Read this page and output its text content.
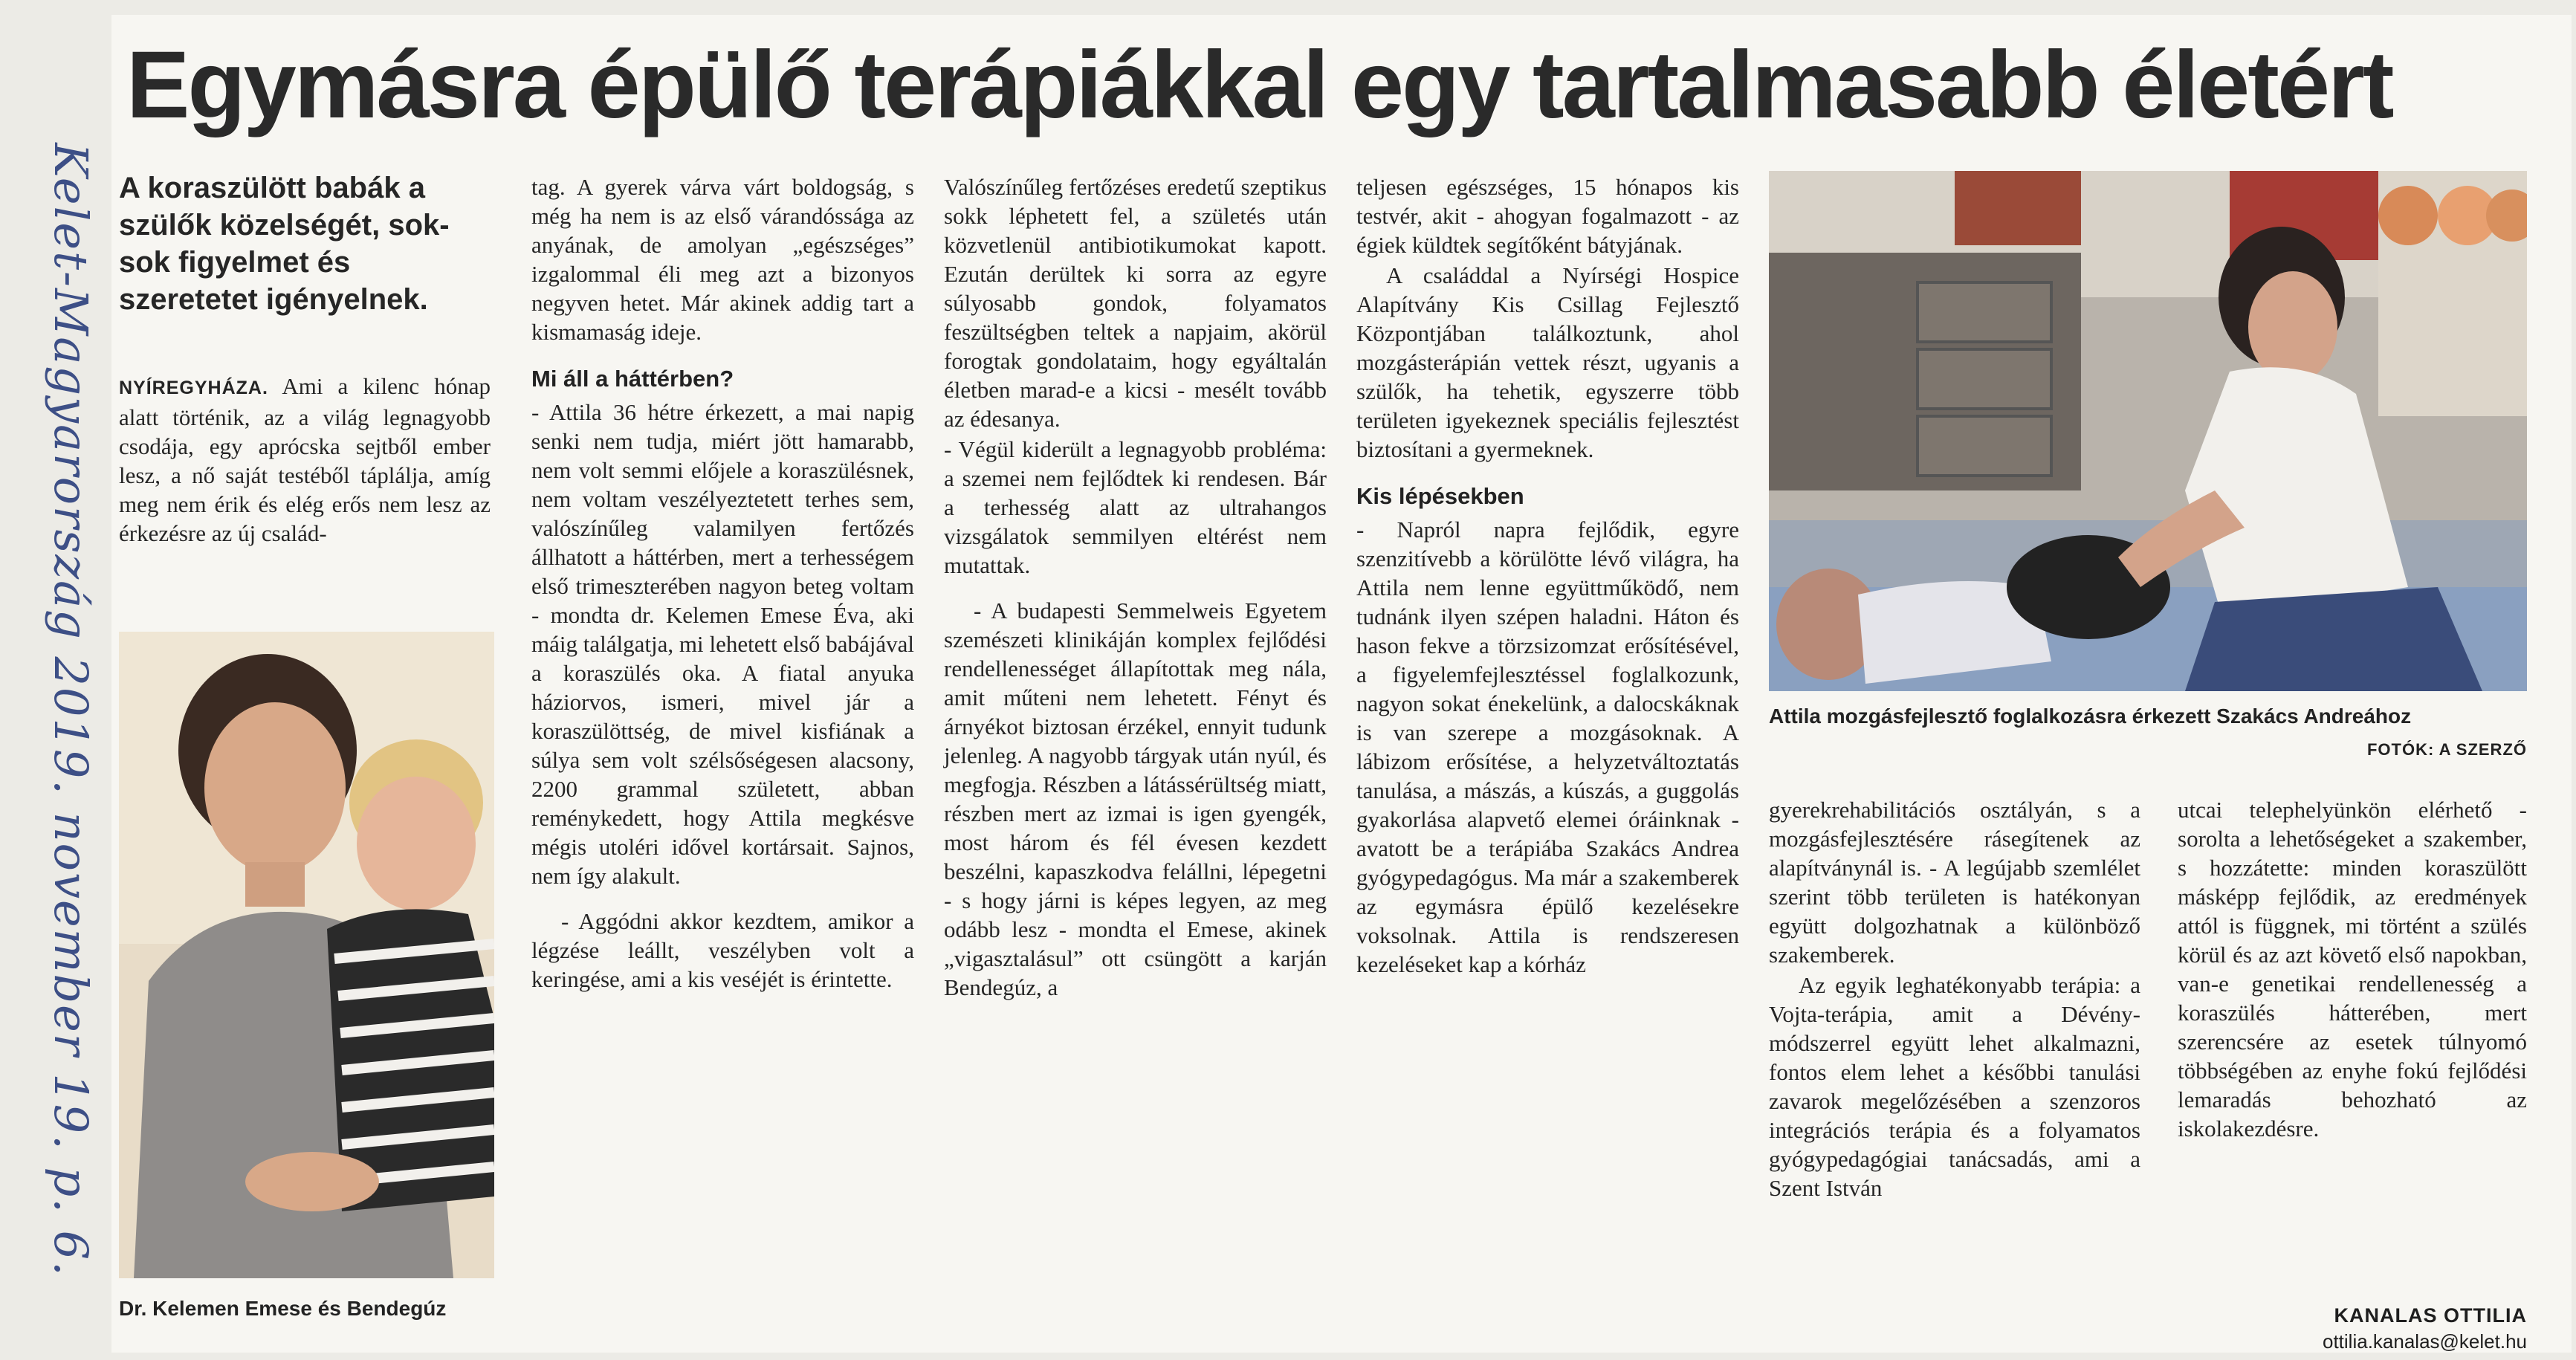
Kelet-Magyarország 2019. november 19. p. 6.
Egymásra épülő terápiákkal egy tartalmasabb életért
A koraszülött babák a szülők közelségét, sok-sok figyelmet és szeretetet igényelnek.

NYÍREGYHÁZA. Ami a kilenc hónap alatt történik, az a világ legnagyobb csodája, egy aprócska sejtből ember lesz, a nő saját testéből táplálja, amíg meg nem érik és elég erős nem lesz az érkezésre az új család-

Dr. Kelemen Emese és Bendegúz

tag. A gyerek várva várt boldogság, s még ha nem is az első várandóssága az anyának, de amolyan „egészséges” izgalommal éli meg azt a bizonyos negyven hetet. Már akinek addig tart a kismamaság ideje.

Mi áll a háttérben?

- Attila 36 hétre érkezett, a mai napig senki nem tudja, miért jött hamarabb, nem volt semmi előjele a koraszülésnek, nem voltam veszélyeztetett terhes sem, valószínűleg valamilyen fertőzés állhatott a háttérben, mert a terhességem első trimeszterében nagyon beteg voltam - mondta dr. Kelemen Emese Éva, aki máig találgatja, mi lehetett első babájával a koraszülés oka. A fiatal anyuka háziorvos, ismeri, mivel jár a koraszülöttség, de mivel kisfiának a súlya sem volt szélsőségesen alacsony, 2200 grammal született, abban reménykedett, hogy Attila megkésve mégis utoléri idővel kortársait. Sajnos, nem így alakult.

- Aggódni akkor kezdtem, amikor a légzése leállt, veszélyben volt a keringése, ami a kis veséjét is érintette.

Valószínűleg fertőzéses eredetű szeptikus sokk léphetett fel, a születés után közvetlenül antibiotikumokat kapott. Ezután derültek ki sorra az egyre súlyosabb gondok, folyamatos feszültségben teltek a napjaim, akörül forogtak gondolataim, hogy egyáltalán életben marad-e a kicsi - mesélt tovább az édesanya.

- Végül kiderült a legnagyobb probléma: a szemei nem fejlődtek ki rendesen. Bár a terhesség alatt az ultrahangos vizsgálatok semmilyen eltérést nem mutattak.

- A budapesti Semmelweis Egyetem szemészeti klinikáján komplex fejlődési rendellenességet állapítottak meg nála, amit műteni nem lehetett. Fényt és árnyékot biztosan érzékel, ennyit tudunk jelenleg. A nagyobb tárgyak után nyúl, és megfogja. Részben a látássérültség miatt, részben mert az izmai is igen gyengék, most három és fél évesen kezdett beszélni, kapaszkodva felállni, lépegetni - s hogy járni is képes legyen, az meg odább lesz - mondta el Emese, akinek „vigasztalásul” ott csüngött a karján Bendegúz, a

Attila mozgásfejlesztő foglalkozásra érkezett Szakács Andreához
FOTÓK: A SZERZŐ

teljesen egészséges, 15 hónapos kis testvér, akit - ahogyan fogalmazott - az égiek küldtek segítőként bátyjának.

A családdal a Nyírségi Hospice Alapítvány Kis Csillag Fejlesztő Központjában találkoztunk, ahol mozgásterápián vettek részt, ugyanis a szülők, ha tehetik, egyszerre több területen igyekeznek speciális fejlesztést biztosítani a gyermeknek.

Kis lépésekben

- Napról napra fejlődik, egyre szenzitívebb a körülötte lévő világra, ha Attila nem lenne együttműködő, nem tudnánk ilyen szépen haladni. Háton és hason fekve a törzsizomzat erősítésével, a figyelemfejlesztéssel foglalkozunk, nagyon sokat énekelünk, a dalocskáknak is van szerepe a mozgásoknak. A lábizom erősítése, a helyzetváltoztatás tanulása, a mászás, a kúszás, a guggolás gyakorlása alapvető elemei óráinknak - avatott be a terápiába Szakács Andrea gyógypedagógus. Ma már a szakemberek az egymásra épülő kezelésekre voksolnak. Attila is rendszeresen kezeléseket kap a kórház

gyerekrehabilitációs osztályán, s a mozgásfejlesztésére rásegítenek az alapítványnál is. - A legújabb szemlélet szerint több területen is hatékonyan együtt dolgozhatnak a különböző szakemberek.

Az egyik leghatékonyabb terápia: a Vojta-terápia, amit a Dévény-módszerrel együtt lehet alkalmazni, fontos elem lehet a későbbi tanulási zavarok megelőzésében a szenzoros integrációs terápia és a folyamatos gyógypedagógiai tanácsadás, ami a Szent István

utcai telephelyünkön elérhető - sorolta a lehetőségeket a szakember, s hozzátette: minden koraszülött másképp fejlődik, az eredmények attól is függnek, mi történt a szülés körül és az azt követő első napokban, van-e genetikai rendellenesség a koraszülés hátterében, mert szerencsére az esetek túlnyomó többségében az enyhe fokú fejlődési lemaradás behozható az iskolakezdésre.

KANALAS OTTILIA
ottilia.kanalas@kelet.hu
